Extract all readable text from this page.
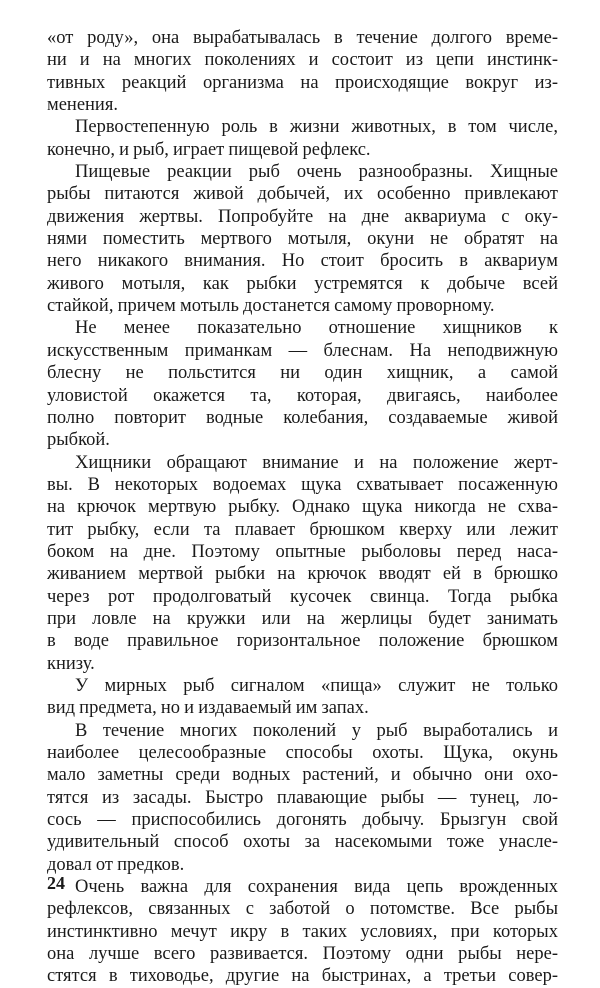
«от роду», она вырабатывалась в течение долгого време-
ни и на многих поколениях и состоит из цепи инстинк-
тивных реакций организма на происходящие вокруг из-
менения.
Первостепенную роль в жизни животных, в том числе,
конечно, и рыб, играет пищевой рефлекс.
Пищевые реакции рыб очень разнообразны. Хищные
рыбы питаются живой добычей, их особенно привлекают
движения жертвы. Попробуйте на дне аквариума с оку-
нями поместить мертвого мотыля, окуни не обратят на
него никакого внимания. Но стоит бросить в аквариум
живого мотыля, как рыбки устремятся к добыче всей
стайкой, причем мотыль достанется самому проворному.
Не менее показательно отношение хищников к
искусственным приманкам — блеснам. На неподвижную
блесну не польстится ни один хищник, а самой
уловистой окажется та, которая, двигаясь, наиболее
полно повторит водные колебания, создаваемые живой
рыбкой.
Хищники обращают внимание и на положение жерт-
вы. В некоторых водоемах щука схватывает посаженную
на крючок мертвую рыбку. Однако щука никогда не схва-
тит рыбку, если та плавает брюшком кверху или лежит
боком на дне. Поэтому опытные рыболовы перед наса-
живанием мертвой рыбки на крючок вводят ей в брюшко
через рот продолговатый кусочек свинца. Тогда рыбка
при ловле на кружки или на жерлицы будет занимать
в воде правильное горизонтальное положение брюшком
книзу.
У мирных рыб сигналом «пища» служит не только
вид предмета, но и издаваемый им запах.
В течение многих поколений у рыб выработались и
наиболее целесообразные способы охоты. Щука, окунь
мало заметны среди водных растений, и обычно они охо-
тятся из засады. Быстро плавающие рыбы — тунец, ло-
сось — приспособились догонять добычу. Брызгун свой
удивительный способ охоты за насекомыми тоже унасле-
довал от предков.
Очень важна для сохранения вида цепь врожденных
рефлексов, связанных с заботой о потомстве. Все рыбы
инстинктивно мечут икру в таких условиях, при которых
она лучше всего развивается. Поэтому одни рыбы нере-
стятся в тиховодье, другие на быстринах, а третьи совер-
24
